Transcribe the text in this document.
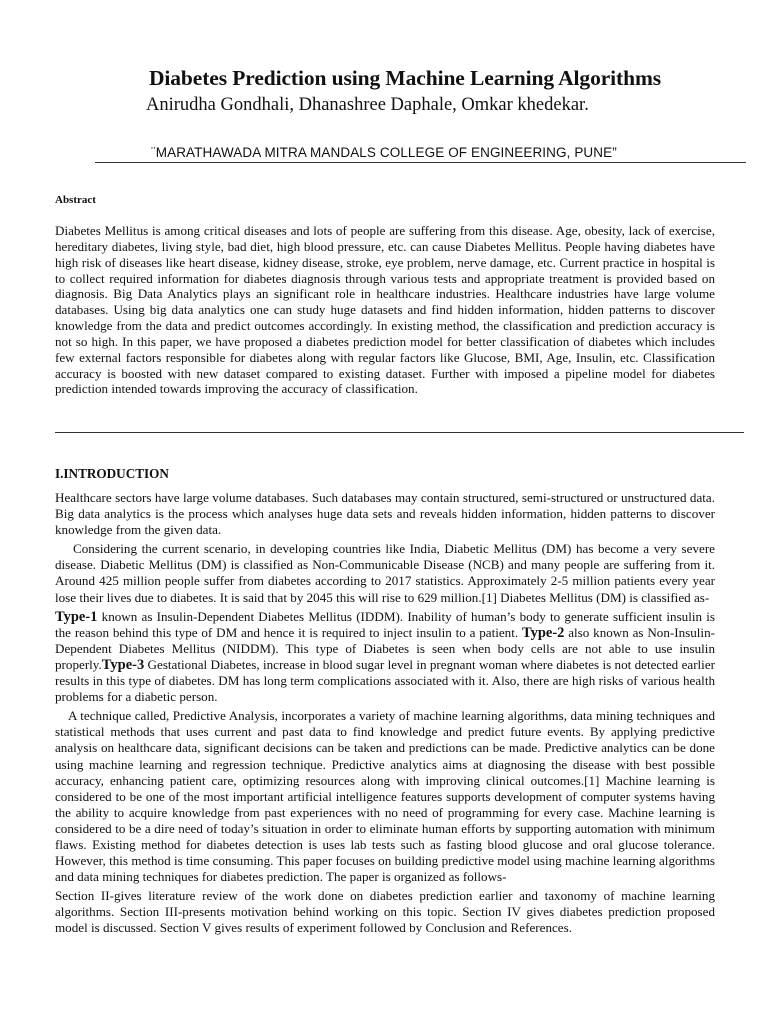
Diabetes Prediction using Machine Learning Algorithms
Anirudha Gondhali, Dhanashree Daphale, Omkar khedekar.
¨MARATHAWADA MITRA MANDALS COLLEGE OF ENGINEERING, PUNE”
Abstract
Diabetes Mellitus is among critical diseases and lots of people are suffering from this disease. Age, obesity, lack of exercise, hereditary diabetes, living style, bad diet, high blood pressure, etc. can cause Diabetes Mellitus. People having diabetes have high risk of diseases like heart disease, kidney disease, stroke, eye problem, nerve damage, etc. Current practice in hospital is to collect required information for diabetes diagnosis through various tests and appropriate treatment is provided based on diagnosis. Big Data Analytics plays an significant role in healthcare industries. Healthcare industries have large volume databases. Using big data analytics one can study huge datasets and find hidden information, hidden patterns to discover knowledge from the data and predict outcomes accordingly. In existing method, the classification and prediction accuracy is not so high. In this paper, we have proposed a diabetes prediction model for better classification of diabetes which includes few external factors responsible for diabetes along with regular factors like Glucose, BMI, Age, Insulin, etc. Classification accuracy is boosted with new dataset compared to existing dataset. Further with imposed a pipeline model for diabetes prediction intended towards improving the accuracy of classification.
I.INTRODUCTION

Healthcare sectors have large volume databases. Such databases may contain structured, semi-structured or unstructured data. Big data analytics is the process which analyses huge data sets and reveals hidden information, hidden patterns to discover knowledge from the given data.

Considering the current scenario, in developing countries like India, Diabetic Mellitus (DM) has become a very severe disease. Diabetic Mellitus (DM) is classified as Non-Communicable Disease (NCB) and many people are suffering from it. Around 425 million people suffer from diabetes according to 2017 statistics. Approximately 2-5 million patients every year lose their lives due to diabetes. It is said that by 2045 this will rise to 629 million.[1] Diabetes Mellitus (DM) is classified as-

Type-1 known as Insulin-Dependent Diabetes Mellitus (IDDM). Inability of human’s body to generate sufficient insulin is the reason behind this type of DM and hence it is required to inject insulin to a patient. Type-2 also known as Non-Insulin-Dependent Diabetes Mellitus (NIDDM). This type of Diabetes is seen when body cells are not able to use insulin properly.Type-3 Gestational Diabetes, increase in blood sugar level in pregnant woman where diabetes is not detected earlier results in this type of diabetes. DM has long term complications associated with it. Also, there are high risks of various health problems for a diabetic person.

A technique called, Predictive Analysis, incorporates a variety of machine learning algorithms, data mining techniques and statistical methods that uses current and past data to find knowledge and predict future events. By applying predictive analysis on healthcare data, significant decisions can be taken and predictions can be made. Predictive analytics can be done using machine learning and regression technique. Predictive analytics aims at diagnosing the disease with best possible accuracy, enhancing patient care, optimizing resources along with improving clinical outcomes.[1] Machine learning is considered to be one of the most important artificial intelligence features supports development of computer systems having the ability to acquire knowledge from past experiences with no need of programming for every case. Machine learning is considered to be a dire need of today’s situation in order to eliminate human efforts by supporting automation with minimum flaws. Existing method for diabetes detection is uses lab tests such as fasting blood glucose and oral glucose tolerance. However, this method is time consuming. This paper focuses on building predictive model using machine learning algorithms and data mining techniques for diabetes prediction. The paper is organized as follows-

Section II-gives literature review of the work done on diabetes prediction earlier and taxonomy of machine learning algorithms. Section III-presents motivation behind working on this topic. Section IV gives diabetes prediction proposed model is discussed. Section V gives results of experiment followed by Conclusion and References.
